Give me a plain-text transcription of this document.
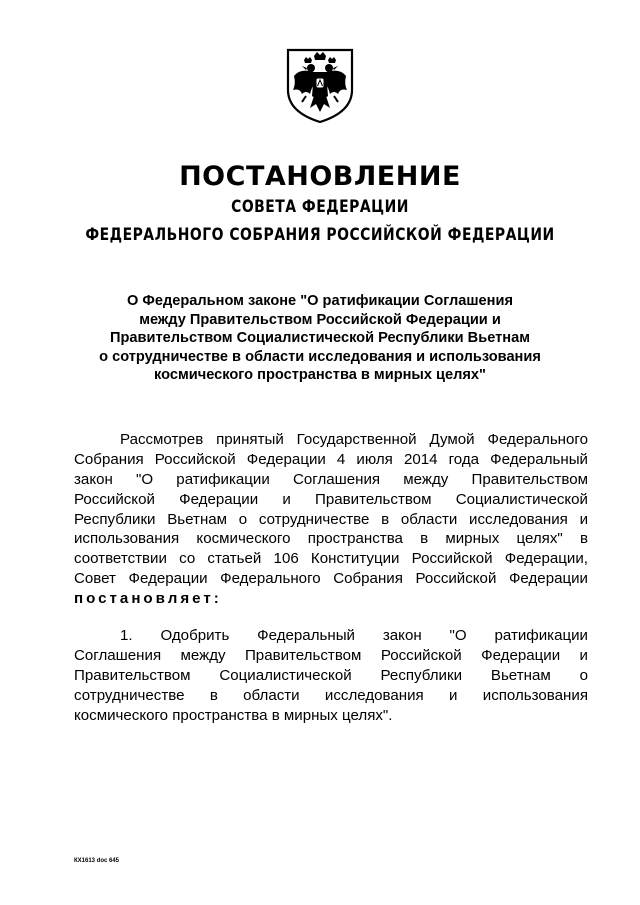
ПОСТАНОВЛЕНИЕ
СОВЕТА ФЕДЕРАЦИИ
ФЕДЕРАЛЬНОГО СОБРАНИЯ РОССИЙСКОЙ ФЕДЕРАЦИИ
О Федеральном законе "О ратификации Соглашения
между Правительством Российской Федерации и
Правительством Социалистической Республики Вьетнам
о сотрудничестве в области исследования и использования
космического пространства в мирных целях"
Рассмотрев принятый Государственной Думой Федерального
Собрания Российской Федерации 4 июля 2014 года Федеральный
закон "О ратификации Соглашения между Правительством
Российской Федерации и Правительством Социалистической
Республики Вьетнам о сотрудничестве в области исследования и
использования космического пространства в мирных целях" в
соответствии со статьей 106 Конституции Российской Федерации,
Совет Федерации Федерального Собрания Российской Федерации
постановляет:
1. Одобрить Федеральный закон "О ратификации
Соглашения между Правительством Российской Федерации и
Правительством Социалистической Республики Вьетнам о
сотрудничестве в области исследования и использования
космического пространства в мирных целях".
КХ1613 doc 645
